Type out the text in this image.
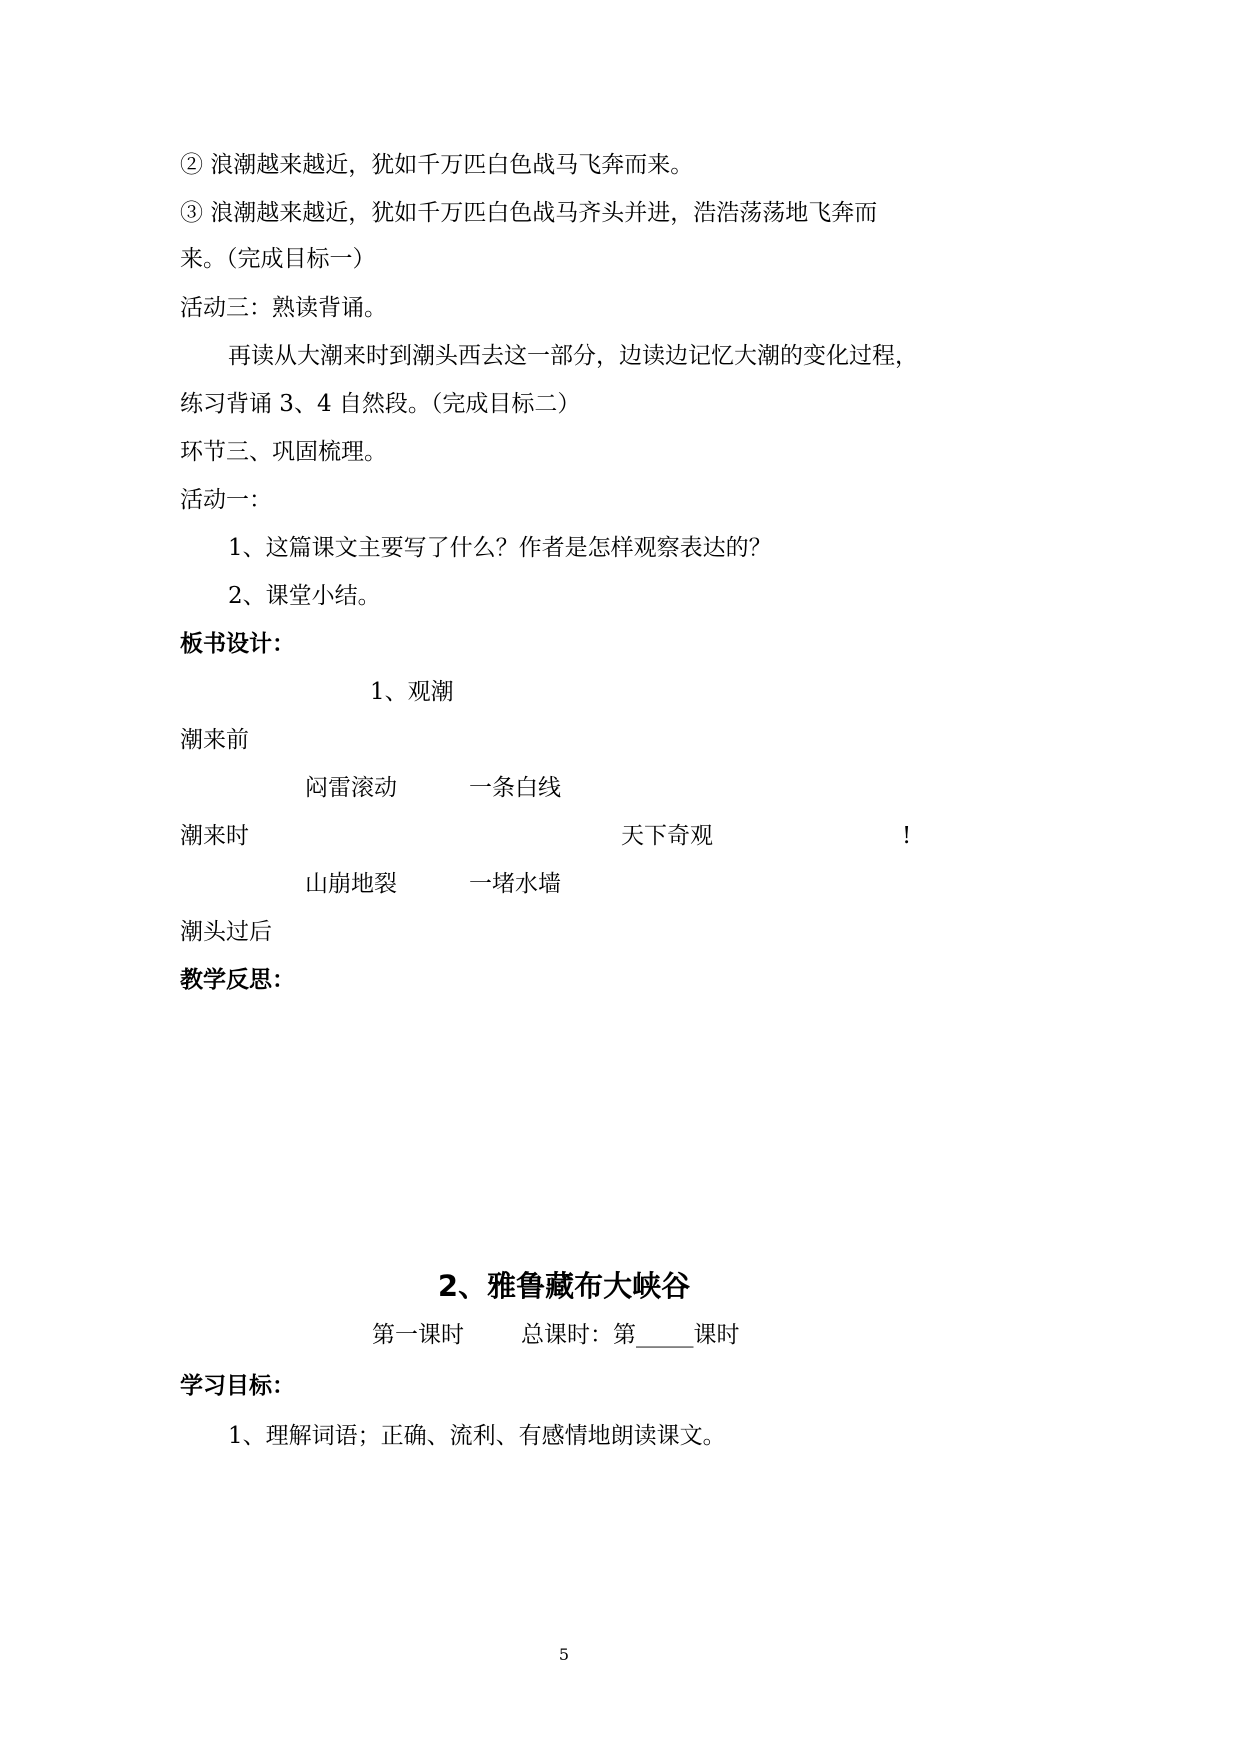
② 浪潮越来越近，犹如千万匹白色战马飞奔而来。
③ 浪潮越来越近，犹如千万匹白色战马齐头并进，浩浩荡荡地飞奔而
来。（完成目标一）
活动三：熟读背诵。
再读从大潮来时到潮头西去这一部分，边读边记忆大潮的变化过程，
练习背诵 3、4 自然段。（完成目标二）
环节三、巩固梳理。
活动一：
1、这篇课文主要写了什么？作者是怎样观察表达的？
2、课堂小结。
板书设计：
1、观潮
潮来前
闷雷滚动	一条白线
潮来时	天下奇观	!
山崩地裂	一堵水墙
潮头过后
教学反思：
2、雅鲁藏布大峡谷
第一课时 总课时：第_____课时
学习目标：
1、理解词语；正确、流利、有感情地朗读课文。
5
